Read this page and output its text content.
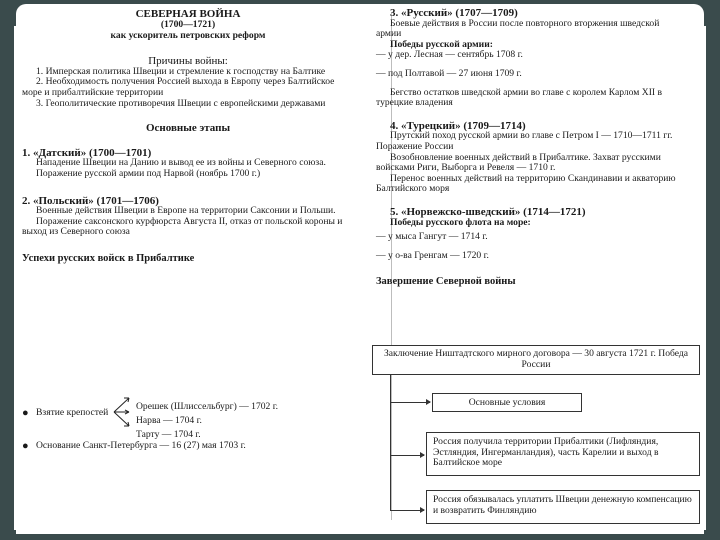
СЕВЕРНАЯ ВОЙНА

(1700—1721)

как ускоритель петровских реформ

Причины войны:

1. Имперская политика Швеции и стремление к господству на Балтике

2. Необходимость получения Россией выхода в Европу через Балтийское море и прибалтийские территории

3. Геополитические противоречия Швеции с европейскими державами

Основные этапы

1. «Датский» (1700—1701)

Нападение Швеции на Данию и вывод ее из войны и Северного союза.

Поражение русской армии под Нарвой (ноябрь 1700 г.)

2. «Польский» (1701—1706)

Военные действия Швеции в Европе на территории Саксонии и Польши.

Поражение саксонского курфюрста Августа II, отказ от польской короны и выход из Северного союза

Успехи русских войск в Прибалтике

● Взятие крепостей

Орешек (Шлиссельбург) — 1702 г.

Нарва — 1704 г.

Тарту — 1704 г.

● Основание Санкт-Петербурга — 16 (27) мая 1703 г.

3. «Русский» (1707—1709)

Боевые действия в России после повторного вторжения шведской армии

Победы русской армии:

— у дер. Лесная — сентябрь 1708 г.

— под Полтавой — 27 июня 1709 г.

Бегство остатков шведской армии во главе с королем Карлом XII в турецкие владения

4. «Турецкий» (1709—1714)

Прутский поход русской армии во главе с Петром I — 1710—1711 гг. Поражение России

Возобновление военных действий в Прибалтике. Захват русскими войсками Риги, Выборга и Ревеля — 1710 г.

Перенос военных действий на территорию Скандинавии и акваторию Балтийского моря

5. «Норвежско-шведский» (1714—1721)

Победы русского флота на море:

— у мыса Гангут — 1714 г.

— у о-ва Гренгам — 1720 г.

Завершение Северной войны

Заключение Ништадтского мирного договора — 30 августа 1721 г. Победа России
Основные условия
Россия получила территории Прибалтики (Лифляндия, Эстляндия, Ингерманландия), часть Карелии и выход в Балтийское море
Россия обязывалась уплатить Швеции денежную компенсацию и возвратить Финляндию
